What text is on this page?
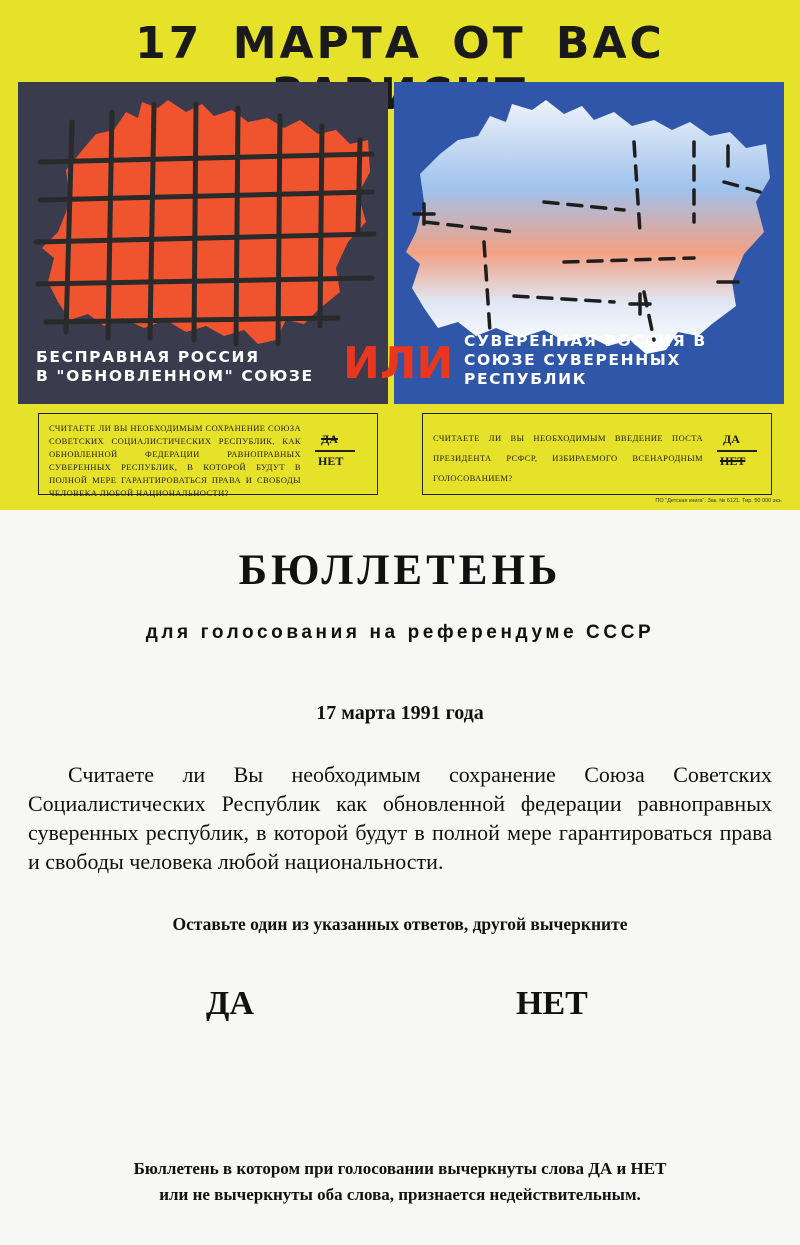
17 МАРТА ОТ ВАС
БЕСПРАВНАЯ РОССИЯ
В "ОБНОВЛЕННОМ" СОЮЗЕ ИЛИ СУВЕРЕННАЯ РОССИЯ В
СОЮЗЕ СУВЕРЕННЫХ
РЕСПУБЛИК
СЧИТАЕТЕ ЛИ ВЫ НЕОБХОДИМЫМ СОХРАНЕНИЕ СОЮЗА СОВЕТСКИХ СОЦИАЛИСТИЧЕСКИХ РЕСПУБЛИК, КАК ОБНОВЛЕННОЙ ФЕДЕРАЦИИ РАВНОПРАВНЫХ СУВЕРЕННЫХ РЕСПУБЛИК, В КОТОРОЙ БУДУТ В ПОЛНОЙ МЕРЕ ГАРАНТИРОВАТЬСЯ ПРАВА И СВОБОДЫ ЧЕЛОВЕКА ЛЮБОЙ НАЦИОНАЛЬНОСТИ?
ДА
НЕТ
СЧИТАЕТЕ ЛИ ВЫ НЕОБХОДИМЫМ ВВЕДЕНИЕ ПОСТА ПРЕЗИДЕНТА РСФСР, ИЗБИРАЕМОГО ВСЕНАРОДНЫМ ГОЛОСОВАНИЕМ?
ДА
НЕТ
ПО "Детская книга". Зак. № 6121. Тир. 50 000 экз.
БЮЛЛЕТЕНЬ
для голосования на референдуме СССР
17 марта 1991 года
Считаете ли Вы необходимым сохранение Союза Советских Социалистических Республик как обновленной федерации равноправных суверенных республик, в которой будут в полной мере гарантироваться права и свободы человека любой национальности.
Оставьте один из указанных ответов, другой вычеркните
ДА	НЕТ
Бюллетень в котором при голосовании вычеркнуты слова ДА и НЕТ
или не вычеркнуты оба слова, признается недействительным.
